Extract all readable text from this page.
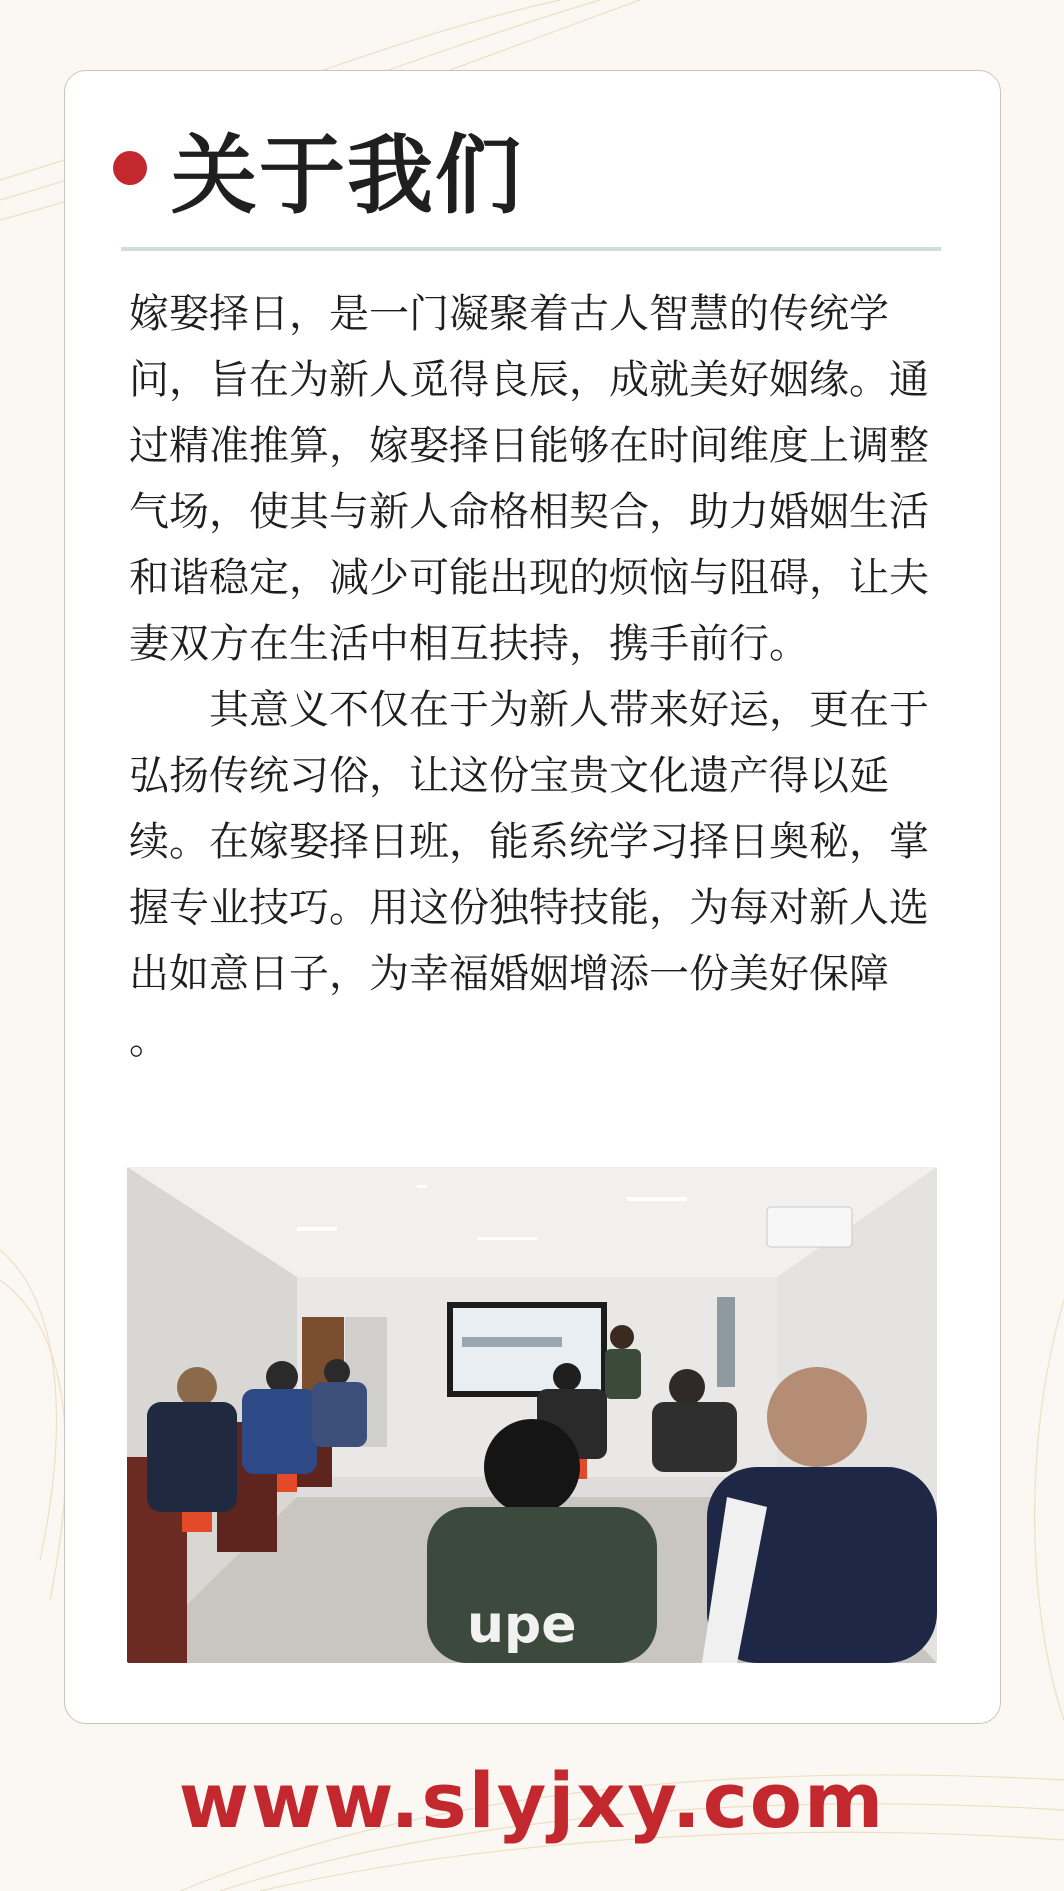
关于我们

嫁娶择日，是一门凝聚着古人智慧的传统学问，旨在为新人觅得良辰，成就美好姻缘。通过精准推算，嫁娶择日能够在时间维度上调整气场，使其与新人命格相契合，助力婚姻生活和谐稳定，减少可能出现的烦恼与阻碍，让夫妻双方在生活中相互扶持，携手前行。

其意义不仅在于为新人带来好运，更在于弘扬传统习俗，让这份宝贵文化遗产得以延续。在嫁娶择日班，能系统学习择日奥秘，掌握专业技巧。用这份独特技能，为每对新人选出如意日子，为幸福婚姻增添一份美好保障 。

upe
www.slyjxy.com
